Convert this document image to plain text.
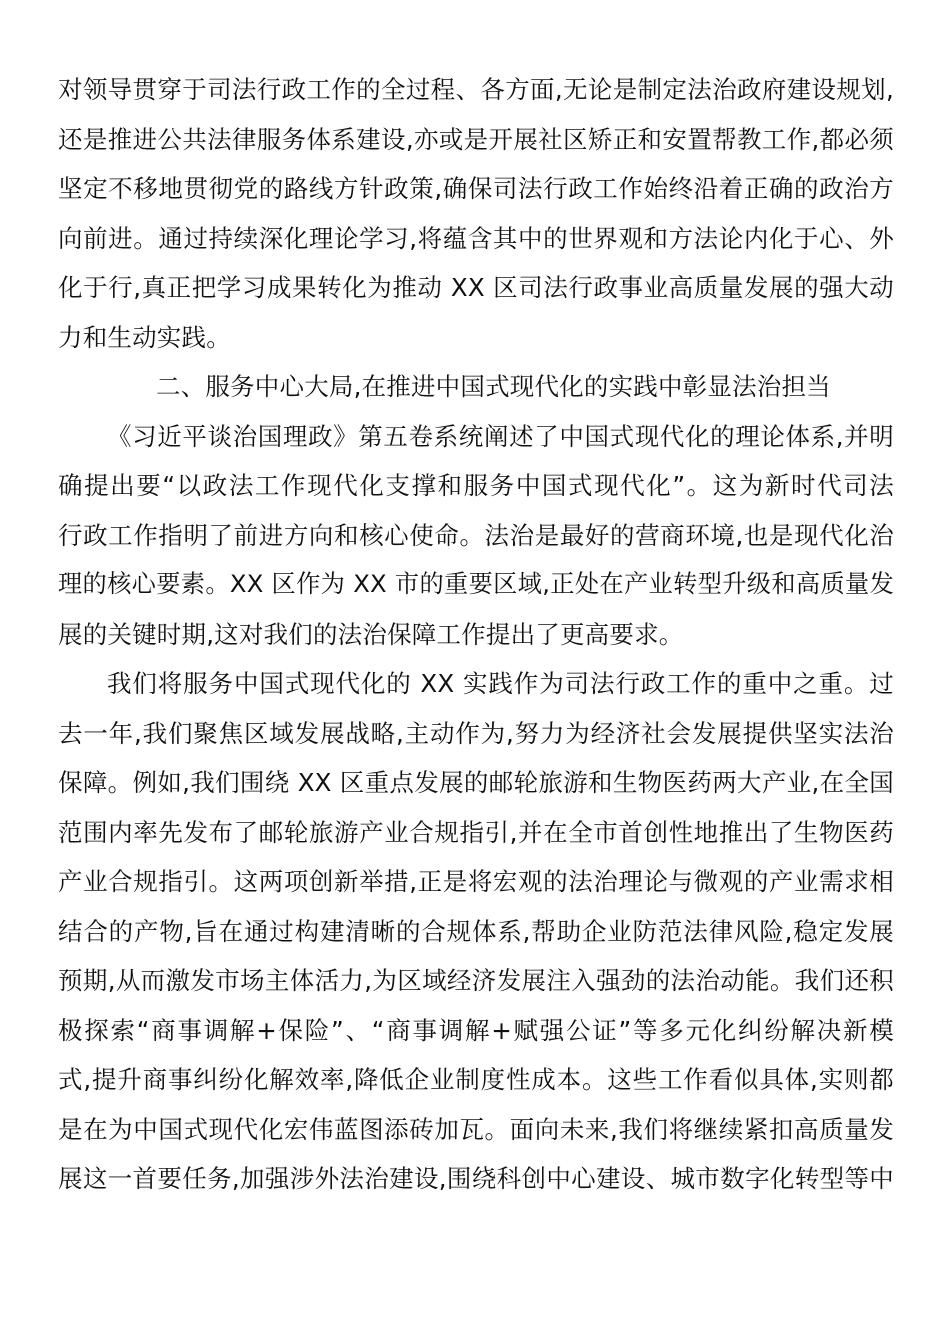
对领导贯穿于司法行政工作的全过程、各方面,无论是制定法治政府建设规划,
还是推进公共法律服务体系建设,亦或是开展社区矫正和安置帮教工作,都必须
坚定不移地贯彻党的路线方针政策,确保司法行政工作始终沿着正确的政治方
向前进。通过持续深化理论学习,将蕴含其中的世界观和方法论内化于心、外
化于行,真正把学习成果转化为推动 XX 区司法行政事业高质量发展的强大动
力和生动实践。
二、服务中心大局,在推进中国式现代化的实践中彰显法治担当
《习近平谈治国理政》第五卷系统阐述了中国式现代化的理论体系,并明
确提出要“以政法工作现代化支撑和服务中国式现代化”。这为新时代司法
行政工作指明了前进方向和核心使命。法治是最好的营商环境,也是现代化治
理的核心要素。XX 区作为 XX 市的重要区域,正处在产业转型升级和高质量发
展的关键时期,这对我们的法治保障工作提出了更高要求。
我们将服务中国式现代化的 XX 实践作为司法行政工作的重中之重。过
去一年,我们聚焦区域发展战略,主动作为,努力为经济社会发展提供坚实法治
保障。例如,我们围绕 XX 区重点发展的邮轮旅游和生物医药两大产业,在全国
范围内率先发布了邮轮旅游产业合规指引,并在全市首创性地推出了生物医药
产业合规指引。这两项创新举措,正是将宏观的法治理论与微观的产业需求相
结合的产物,旨在通过构建清晰的合规体系,帮助企业防范法律风险,稳定发展
预期,从而激发市场主体活力,为区域经济发展注入强劲的法治动能。我们还积
极探索“商事调解+保险”、“商事调解+赋强公证”等多元化纠纷解决新模
式,提升商事纠纷化解效率,降低企业制度性成本。这些工作看似具体,实则都
是在为中国式现代化宏伟蓝图添砖加瓦。面向未来,我们将继续紧扣高质量发
展这一首要任务,加强涉外法治建设,围绕科创中心建设、城市数字化转型等中
